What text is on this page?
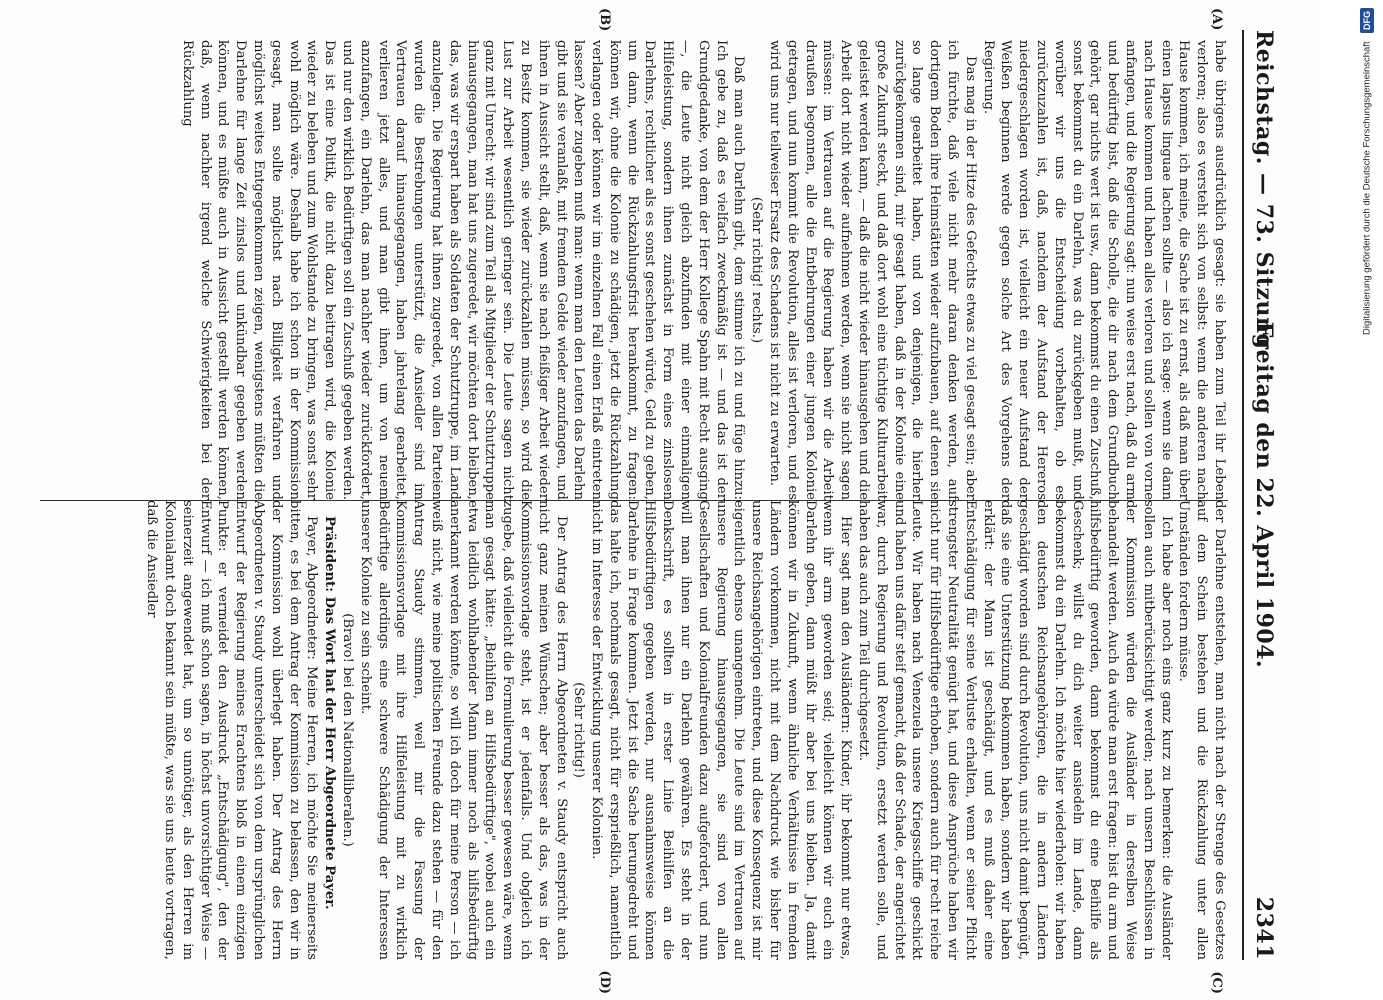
Reichstag. — 73. Sitzung.
Freitag den 22. April 1904.
2341
(A)
(B)
(C)
(D)

habe übrigens ausdrücklich gesagt: sie haben zum Teil ihr Leben verloren; also es versteht sich von selbst: wenn die anderen nach Hause kommen, ich meine, die Sache ist zu ernst, als daß man über einen lapsus linguae lachen sollte — also ich sage: wenn sie dann nach Hause kommen und haben alles verloren und sollen von vorne anfangen, und die Regierung sagt: nun weise erst nach, daß du arm und bedürftig bist, daß die Scholle, die dir nach dem Grundbuch gehört, gar nichts wert ist usw., dann bekommst du einen Zuschuß, sonst bekommst du ein Darlehn, was du zurückgeben mußt, und worüber wir uns die Entscheidung vorbehalten, ob es zurückzuzahlen ist, daß, nachdem der Aufstand der Hereros niedergeschlagen worden ist, vielleicht ein neuer Aufstand der Weißen beginnen werde gegen solche Art des Vorgehens der Regierung.

Das mag in der Hitze des Gefechts etwas zu viel gesagt sein; aber ich fürchte, daß viele nicht mehr daran denken werden, auf dortigem Boden ihre Heimstätten wieder aufzubauen, auf denen sie so lange gearbeitet haben, und von denjenigen, die hierher zurückgekommen sind, mir gesagt haben, daß in der Kolonie eine große Zukunft steckt, und daß dort wohl eine tüchtige Kulturarbeit geleistet werden kann, — daß die nicht wieder hinausgehen und die Arbeit dort nicht wieder aufnehmen werden, wenn sie nicht sagen müssen: im Vertrauen auf die Regierung haben wir die Arbeit draußen begonnen, alle die Entbehrungen einer jungen Kolonie getragen, und nun kommt die Revolution, alles ist verloren, und es wird uns nur teilweiser Ersatz des Schadens ist nicht zu erwarten.

(Sehr richtig! rechts.)

Daß man auch Darlehn gibt, dem stimme ich zu und füge hinzu: Ich gebe zu, daß es vielfach zweckmäßig ist — und das ist der Grundgedanke, von dem der Herr Kollege Spahn mit Recht ausging —, die Leute nicht gleich abzufinden mit einer einmaligen Hilfeleistung, sondern ihnen zunächst in Form eines zinslosen Darlehns, rechtlicher als es sonst geschehen würde, Geld zu geben, um dann, wenn die Rückzahlungsfrist herankommt, zu fragen: können wir, ohne die Kolonie zu schädigen, jetzt die Rückzahlung verlangen oder können wir im einzelnen Fall einen Erlaß eintreten lassen? Aber zugeben muß man: wenn man den Leuten das Darlehn gibt und sie veranlaßt, mit fremdem Gelde wieder anzufangen, und ihnen in Aussicht stellt, daß, wenn sie nach fleißiger Arbeit wieder zu Besitz kommen, sie wieder zurückzahlen müssen, so wird die Lust zur Arbeit wesentlich geringer sein. Die Leute sagen nicht ganz mit Unrecht: wir sind zum Teil als Mitglieder der Schutztruppe hinausgegangen, man hat uns zugeredet, wir möchten dort bleiben, das, was wir erspart haben als Soldaten der Schutztruppe, im Land anzulegen. Die Regierung hat ihnen zugeredet, von allen Parteien wurden die Bestrebungen unterstützt, die Ansiedler sind im Vertrauen darauf hinausgegangen, haben jahrelang gearbeitet, verlieren jetzt alles, und man gibt ihnen, um von neuem anzufangen, ein Darlehn, das man nachher wieder zurückfordert, und nur den wirklich Bedürftigen soll ein Zuschuß gegeben werden. Das ist eine Politik, die nicht dazu beitragen wird, die Kolonie wieder zu beleben und zum Wohlstande zu bringen, was sonst sehr wohl möglich wäre. Deshalb habe ich schon in der Kommission gesagt, man sollte möglichst nach Billigkeit verfahren und möglichst weites Entgegenkommen zeigen, wenigstens müßten die Darlehne für lange Zeit zinslos und unkündbar gegeben werden können, und es müßte auch in Aussicht gestellt werden können, daß, wenn nachher irgend welche Schwierigkeiten bei der Rückzahlung

der Darlehne entstehen, man nicht nach der Strenge des Gesetzes auf dem Schein bestehen und die Rückzahlung unter allen Umständen fordern müsse.

Ich habe aber noch eins ganz kurz zu bemerken: die Ausländer sollen auch mitberücksichtigt werden; nach unsern Beschlüssen in der Kommission würden die Ausländer in derselben Weise behandelt werden. Auch da würde man erst fragen: bist du arm und hilfsbedürftig geworden, dann bekommst du eine Beihilfe als Geschenk; willst du dich weiter ansiedeln im Lande, dann bekommst du ein Darlehn. Ich möchte hier wiederholen: wir haben den deutschen Reichsangehörigen, die in andern Ländern geschädigt worden sind durch Revolution, uns nicht damit begnügt, daß sie eine Unterstützung bekommen haben, sondern wir haben erklärt: der Mann ist geschädigt, und es muß daher eine Entschädigung für seine Verluste erhalten, wenn er seiner Pflicht strengster Neutralität genügt hat, und diese Ansprüche haben wir nicht nur für Hilfsbedürftige erhoben, sondern auch für recht reiche Leute. Wir haben nach Venezuela unsere Kriegsschiffe geschickt und haben uns dafür steif gemacht, daß der Schade, der angerichtet war, durch Regierung und Revolution, ersetzt werden solle, und haben das auch zum Teil durchgesetzt.

Hier sagt man den Ausländern: Kinder, ihr bekommt nur etwas, wenn ihr arm geworden seid; vielleicht können wir euch ein Darlehn geben, dann müßt ihr aber bei uns bleiben. Ja, damit können wir in Zukunft, wenn ähnliche Verhältnisse in fremden Ländern vorkommen, nicht mit dem Nachdruck wie bisher für unsere Reichsangehörigen eintreten, und diese Konsequenz ist mir eigentlich ebenso unangenehm. Die Leute sind im Vertrauen auf unsere Regierung hinausgegangen, sie sind von allen Gesellschaften und Kolonialfreunden dazu aufgefordert, und nun will man ihnen nur ein Darlehn gewähren. Es steht in der Denkschrift, es sollten in erster Linie Beihilfen an die Hilfsbedürftigen gegeben werden, nur ausnahmsweise können Darlehne in Frage kommen. Jetzt ist die Sache herumgedreht und das halte ich, nochmals gesagt, nicht für ersprießlich, namentlich nicht im Interesse der Entwicklung unserer Kolonien.

(Sehr richtig!)

Der Antrag des Herrn Abgeordneten v. Staudy entspricht auch nicht ganz meinen Wünschen; aber besser als das, was in der Kommissionsvorlage steht, ist er jedenfalls. Und obgleich ich zugebe, daß vielleicht die Formulierung besser gewesen wäre, wenn man gesagt hätte: „Beihilfen an Hilfsbedürftige", wobei auch ein etwa leidlich wohlhabender Mann immer noch als hilfsbedürftig anerkannt werden könnte, so will ich doch für meine Person — ich weiß nicht, wie meine politischen Freunde dazu stehen — für den Antrag Staudy stimmen, weil mir die Fassung der Kommissionsvorlage mit ihre Hilfeleistung mit zu wirklich Bedürftige allerdings eine schwere Schädigung der Interessen unserer Kolonie zu sein scheint.

(Bravo! bei den Nationalliberalen.)

Präsident: Das Wort hat der Herr Abgeordnete Payer.

Payer, Abgeordneter: Meine Herren, ich möchte Sie meinerseits bitten, es bei dem Antrag der Kommission zu belassen, den wir in der Kommission wohl überlegt haben. Der Antrag des Herrn Abgeordneten v. Staudy unterscheidet sich von dem ursprünglichen Entwurf der Regierung meines Erachtens bloß in einem einzigen Punkte: er vermeidet den Ausdruck „Entschädigung", den der Entwurf — ich muß schon sagen, in höchst unvorsichtiger Weise — seinerzeit angewendet hat, um so unnötiger, als den Herren im Kolonialamt doch bekannt sein müßte, was sie uns heute vortragen, daß die Ansiedler

Digitalisierung gefördert durch die Deutsche Forschungsgemeinschaft
DFG
